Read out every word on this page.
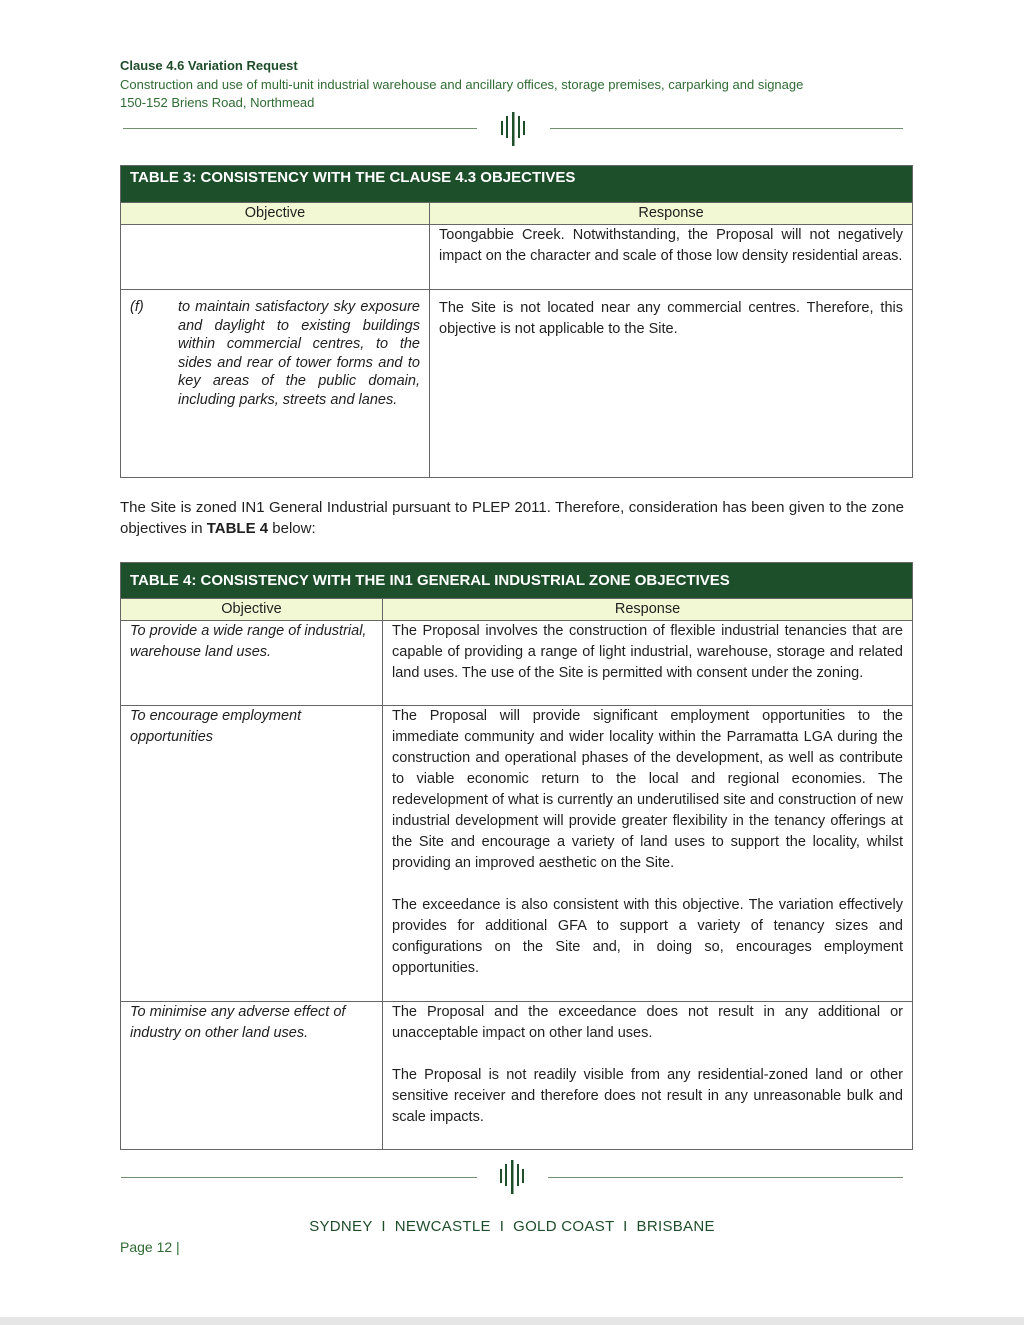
Clause 4.6 Variation Request
Construction and use of multi-unit industrial warehouse and ancillary offices, storage premises, carparking and signage
150-152 Briens Road, Northmead
TABLE 3: CONSISTENCY WITH THE CLAUSE 4.3 OBJECTIVES	
Objective	Response
	Toongabbie Creek. Notwithstanding, the Proposal will not negatively impact on the character and scale of those low density residential areas.

(f) to maintain satisfactory sky exposure and daylight to existing buildings within commercial centres, to the sides and rear of tower forms and to key areas of the public domain, including parks, streets and lanes.	The Site is not located near any commercial centres. Therefore, this objective is not applicable to the Site.
The Site is zoned IN1 General Industrial pursuant to PLEP 2011. Therefore, consideration has been given to the zone objectives in TABLE 4 below:
TABLE 4: CONSISTENCY WITH THE IN1 GENERAL INDUSTRIAL ZONE OBJECTIVES	
Objective	Response
To provide a wide range of industrial, warehouse land uses.	The Proposal involves the construction of flexible industrial tenancies that are capable of providing a range of light industrial, warehouse, storage and related land uses. The use of the Site is permitted with consent under the zoning.

To encourage employment opportunities	The Proposal will provide significant employment opportunities to the immediate community and wider locality within the Parramatta LGA during the construction and operational phases of the development, as well as contribute to viable economic return to the local and regional economies. The redevelopment of what is currently an underutilised site and construction of new industrial development will provide greater flexibility in the tenancy offerings at the Site and encourage a variety of land uses to support the locality, whilst providing an improved aesthetic on the Site.
The exceedance is also consistent with this objective. The variation effectively provides for additional GFA to support a variety of tenancy sizes and configurations on the Site and, in doing so, encourages employment opportunities.

To minimise any adverse effect of industry on other land uses.	The Proposal and the exceedance does not result in any additional or unacceptable impact on other land uses.
The Proposal is not readily visible from any residential-zoned land or other sensitive receiver and therefore does not result in any unreasonable bulk and scale impacts.
SYDNEY  I  NEWCASTLE  I  GOLD COAST  I  BRISBANE
Page 12 |
